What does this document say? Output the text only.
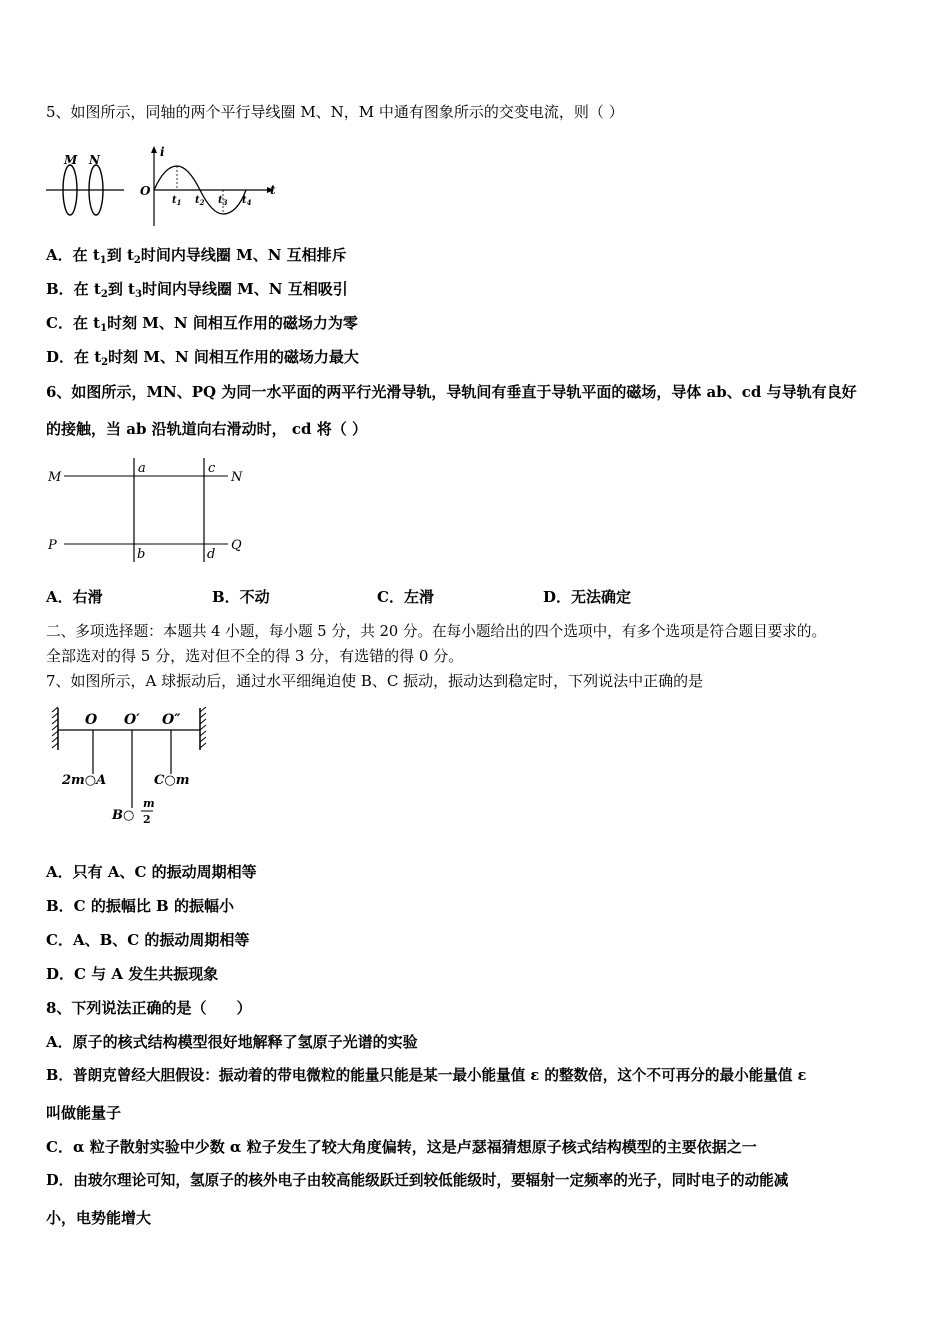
5、如图所示，同轴的两个平行导线圈 M、N，M 中通有图象所示的交变电流，则（ ）
M N
i
O	t
$t_1$ $t_2$ $t_3$ $t_4$
A．在 $t_1$到 $t_2$时间内导线圈 M、N 互相排斥
B．在 $t_2$到 $t_3$时间内导线圈 M、N 互相吸引
C．在 $t_1$时刻 M、N 间相互作用的磁场力为零
D．在 $t_2$时刻 M、N 间相互作用的磁场力最大
6、如图所示，MN、PQ 为同一水平面的两平行光滑导轨，导轨间有垂直于导轨平面的磁场，导体 ab、cd 与导轨有良好
的接触，当 ab 沿轨道向右滑动时， cd 将（ ）
M	N
P	Q
a	c
b	d
A．右滑	B．不动	C．左滑	D．无法确定
二、多项选择题：本题共 4 小题，每小题 5 分，共 20 分。在每小题给出的四个选项中，有多个选项是符合题目要求的。
全部选对的得 5 分，选对但不全的得 3 分，有选错的得 0 分。
7、如图所示，A 球振动后，通过水平细绳迫使 B、C 振动，振动达到稳定时，下列说法中正确的是
O O′ O″
2m○A
B○
m
2
C○m
A．只有 A、C 的振动周期相等
B．C 的振幅比 B 的振幅小
C．A、B、C 的振动周期相等
D．C 与 A 发生共振现象
8、下列说法正确的是（　　）
A．原子的核式结构模型很好地解释了氢原子光谱的实验
B．普朗克曾经大胆假设：振动着的带电微粒的能量只能是某一最小能量值 ε 的整数倍，这个不可再分的最小能量值 ε
叫做能量子
C．α 粒子散射实验中少数 α 粒子发生了较大角度偏转，这是卢瑟福猜想原子核式结构模型的主要依据之一
D．由玻尔理论可知，氢原子的核外电子由较高能级跃迁到较低能级时，要辐射一定频率的光子，同时电子的动能减
小，电势能增大
